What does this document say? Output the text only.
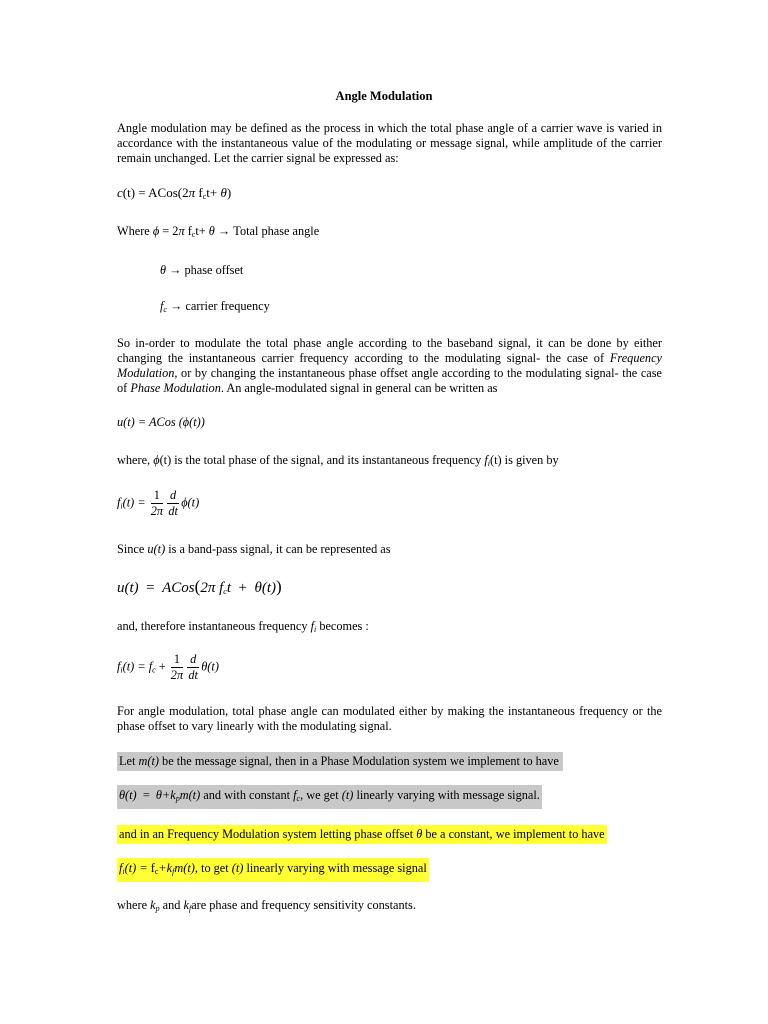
Angle Modulation
Angle modulation may be defined as the process in which the total phase angle of a carrier wave is varied in accordance with the instantaneous value of the modulating or message signal, while amplitude of the carrier remain unchanged. Let the carrier signal be expressed as:
c(t) = ACos(2π $f_ct+ \theta$)
Where ϕ = 2π $f_ct+ \theta$ → Total phase angle
θ → phase offset
$f_c$ → carrier frequency
So in-order to modulate the total phase angle according to the baseband signal, it can be done by either changing the instantaneous carrier frequency according to the modulating signal- the case of Frequency Modulation, or by changing the instantaneous phase offset angle according to the modulating signal- the case of Phase Modulation. An angle-modulated signal in general can be written as
u(t) = ACos (ϕ(t))
where, ϕ(t) is the total phase of the signal, and its instantaneous frequency $f_i(t)$ is given by
$f_i(t) = \frac{1}{2\pi} \frac{d}{dt} \phi(t)$
Since u(t) is a band-pass signal, it can be represented as
u(t) = ACos(2π $f_ct + \theta(t)$)
and, therefore instantaneous frequency $f_i$ becomes :
$f_i(t) = f_c + \frac{1}{2\pi} \frac{d}{dt} \theta(t)$
For angle modulation, total phase angle can modulated either by making the instantaneous frequency or the phase offset to vary linearly with the modulating signal.
Let m(t) be the message signal, then in a Phase Modulation system we implement to have
$\theta(t) = \theta+k_pm(t)$ and with constant $f_c$, we get (t) linearly varying with message signal.
and in an Frequency Modulation system letting phase offset θ be a constant, we implement to have
$f_i(t) = f_c+k_fm(t)$, to get (t) linearly varying with message signal
where $k_p$ and $k_fare$ phase and frequency sensitivity constants.
